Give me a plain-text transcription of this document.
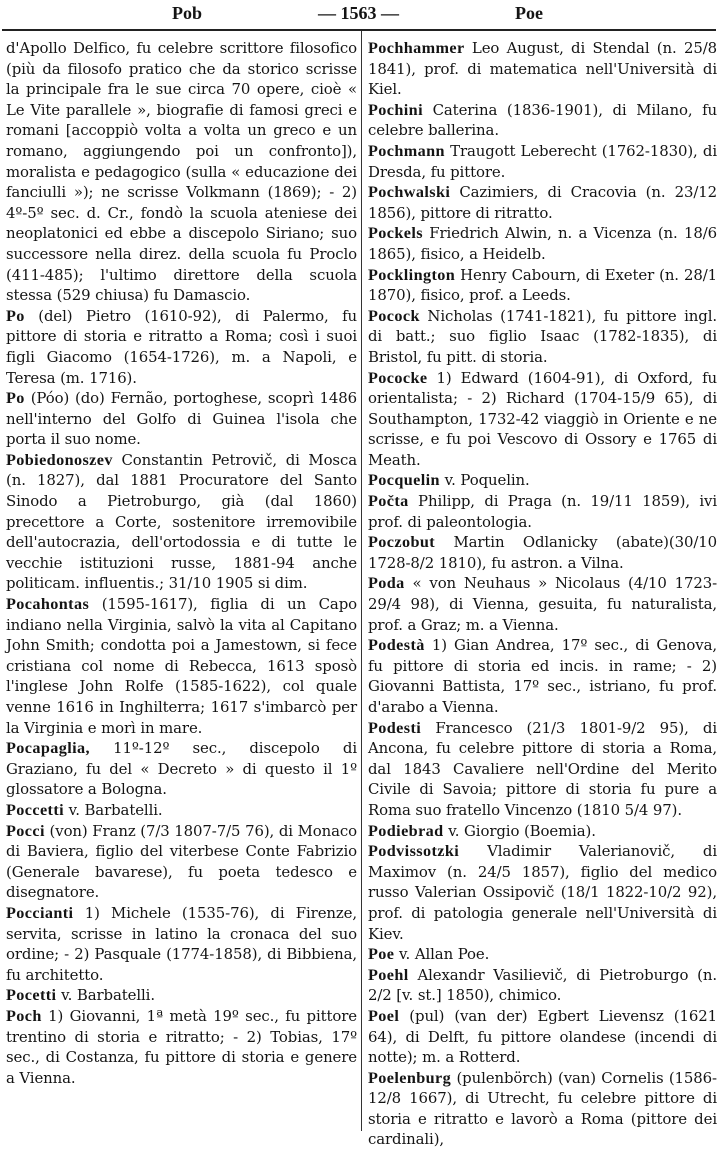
Pob	— 1563 —	Poe

d'Apollo Delfico, fu celebre scrittore filosofico (più da filosofo pratico che da storico scrisse la principale fra le sue circa 70 opere, cioè « Le Vite parallele », biografie di famosi greci e romani [accoppiò volta a volta un greco e un romano, aggiungendo poi un confronto]), moralista e pedagogico (sulla « educazione dei fanciulli »); ne scrisse Volkmann (1869); - 2) 4º-5º sec. d. Cr., fondò la scuola ateniese dei neoplatonici ed ebbe a discepolo Siriano; suo successore nella direz. della scuola fu Proclo (411-485); l'ultimo direttore della scuola stessa (529 chiusa) fu Damascio.

Po (del) Pietro (1610-92), di Palermo, fu pittore di storia e ritratto a Roma; così i suoi figli Giacomo (1654-1726), m. a Napoli, e Teresa (m. 1716).

Po (Póo) (do) Fernão, portoghese, scoprì 1486 nell'interno del Golfo di Guinea l'isola che porta il suo nome.

Pobiedonoszev Constantin Petrovič, di Mosca (n. 1827), dal 1881 Procuratore del Santo Sinodo a Pietroburgo, già (dal 1860) precettore a Corte, sostenitore irremovibile dell'autocrazia, dell'ortodossia e di tutte le vecchie istituzioni russe, 1881-94 anche politicam. influentis.; 31/10 1905 si dim.

Pocahontas (1595-1617), figlia di un Capo indiano nella Virginia, salvò la vita al Capitano John Smith; condotta poi a Jamestown, si fece cristiana col nome di Rebecca, 1613 sposò l'inglese John Rolfe (1585-1622), col quale venne 1616 in Inghilterra; 1617 s'imbarcò per la Virginia e morì in mare.

Pocapaglia, 11º-12º sec., discepolo di Graziano, fu del « Decreto » di questo il 1º glossatore a Bologna.

Poccetti v. Barbatelli.

Pocci (von) Franz (7/3 1807-7/5 76), di Monaco di Baviera, figlio del viterbese Conte Fabrizio (Generale bavarese), fu poeta tedesco e disegnatore.

Poccianti 1) Michele (1535-76), di Firenze, servita, scrisse in latino la cronaca del suo ordine; - 2) Pasquale (1774-1858), di Bibbiena, fu architetto.

Pocetti v. Barbatelli.

Poch 1) Giovanni, 1ª metà 19º sec., fu pittore trentino di storia e ritratto; - 2) Tobias, 17º sec., di Costanza, fu pittore di storia e genere a Vienna.

Pochhammer Leo August, di Stendal (n. 25/8 1841), prof. di matematica nell'Università di Kiel.

Pochini Caterina (1836-1901), di Milano, fu celebre ballerina.

Pochmann Traugott Leberecht (1762-1830), di Dresda, fu pittore.

Pochwalski Cazimiers, di Cracovia (n. 23/12 1856), pittore di ritratto.

Pockels Friedrich Alwin, n. a Vicenza (n. 18/6 1865), fisico, a Heidelb.

Pocklington Henry Cabourn, di Exeter (n. 28/1 1870), fisico, prof. a Leeds.

Pocock Nicholas (1741-1821), fu pittore ingl. di batt.; suo figlio Isaac (1782-1835), di Bristol, fu pitt. di storia.

Pococke 1) Edward (1604-91), di Oxford, fu orientalista; - 2) Richard (1704-15/9 65), di Southampton, 1732-42 viaggiò in Oriente e ne scrisse, e fu poi Vescovo di Ossory e 1765 di Meath.

Pocquelin v. Poquelin.

Počta Philipp, di Praga (n. 19/11 1859), ivi prof. di paleontologia.

Poczobut Martin Odlanicky (abate)(30/10 1728-8/2 1810), fu astron. a Vilna.

Poda « von Neuhaus » Nicolaus (4/10 1723-29/4 98), di Vienna, gesuita, fu naturalista, prof. a Graz; m. a Vienna.

Podestà 1) Gian Andrea, 17º sec., di Genova, fu pittore di storia ed incis. in rame; - 2) Giovanni Battista, 17º sec., istriano, fu prof. d'arabo a Vienna.

Podesti Francesco (21/3 1801-9/2 95), di Ancona, fu celebre pittore di storia a Roma, dal 1843 Cavaliere nell'Ordine del Merito Civile di Savoia; pittore di storia fu pure a Roma suo fratello Vincenzo (1810 5/4 97).

Podiebrad v. Giorgio (Boemia).

Podvissotzki Vladimir Valerianovič, di Maximov (n. 24/5 1857), figlio del medico russo Valerian Ossipovič (18/1 1822-10/2 92), prof. di patologia generale nell'Università di Kiev.

Poe v. Allan Poe.

Poehl Alexandr Vasilievič, di Pietroburgo (n. 2/2 [v. st.] 1850), chimico.

Poel (pul) (van der) Egbert Lievensz (1621 64), di Delft, fu pittore olandese (incendi di notte); m. a Rotterd.

Poelenburg (pulenbörch) (van) Cornelis (1586-12/8 1667), di Utrecht, fu celebre pittore di storia e ritratto e lavorò a Roma (pittore dei cardinali),
